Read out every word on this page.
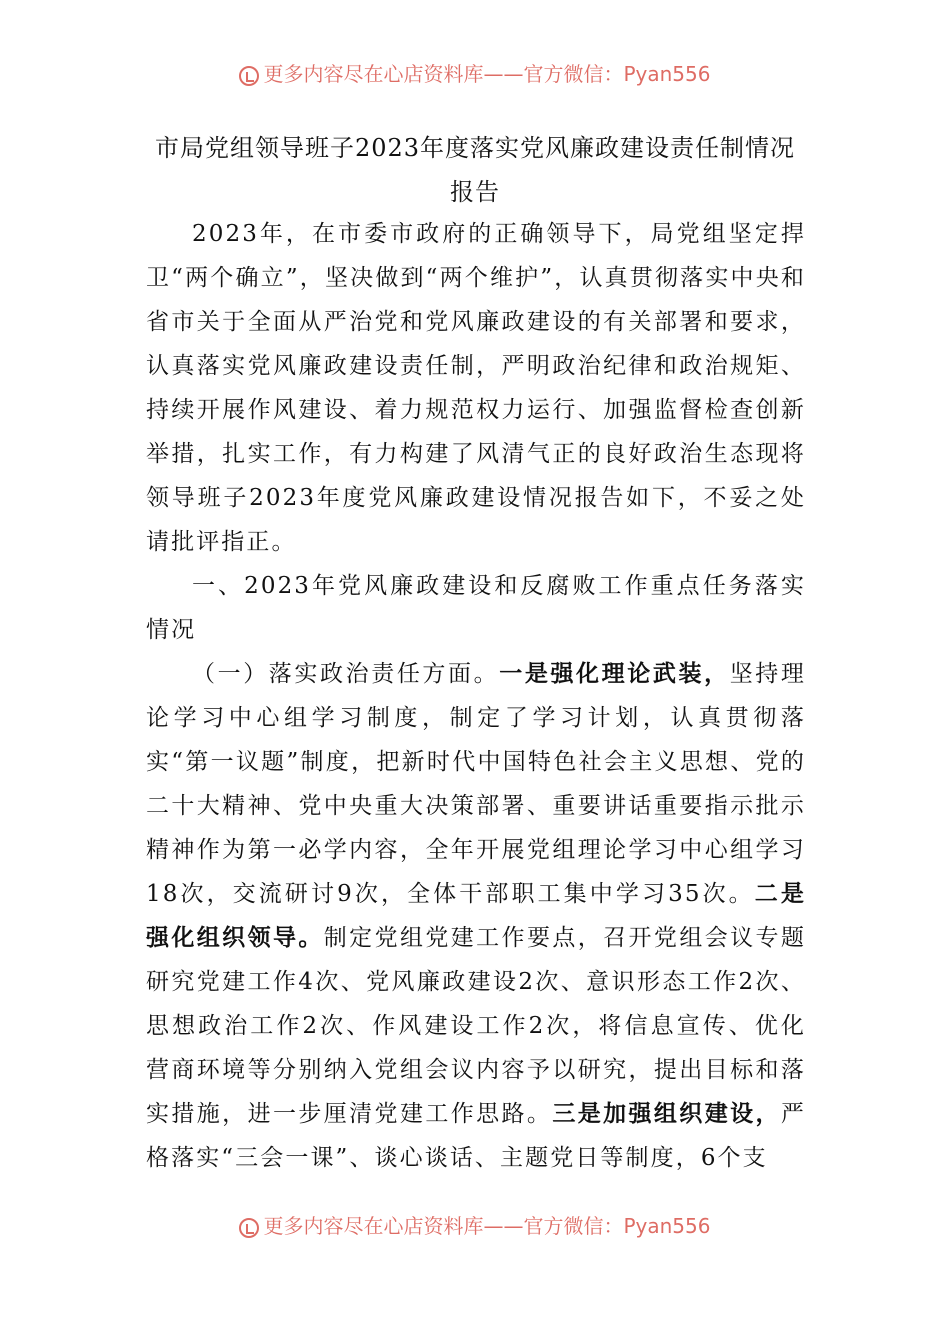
更多内容尽在心店资料库——官方微信：Pyan556
市局党组领导班子2023年度落实党风廉政建设责任制情况
报告

2023年，在市委市政府的正确领导下，局党组坚定捍卫“两个确立”，坚决做到“两个维护”，认真贯彻落实中央和省市关于全面从严治党和党风廉政建设的有关部署和要求，认真落实党风廉政建设责任制，严明政治纪律和政治规矩、持续开展作风建设、着力规范权力运行、加强监督检查创新举措，扎实工作，有力构建了风清气正的良好政治生态现将领导班子2023年度党风廉政建设情况报告如下，不妥之处请批评指正。

一、2023年党风廉政建设和反腐败工作重点任务落实情况

（一）落实政治责任方面。一是强化理论武装，坚持理论学习中心组学习制度，制定了学习计划，认真贯彻落实“第一议题”制度，把新时代中国特色社会主义思想、党的二十大精神、党中央重大决策部署、重要讲话重要指示批示精神作为第一必学内容，全年开展党组理论学习中心组学习18次，交流研讨9次，全体干部职工集中学习35次。二是强化组织领导。制定党组党建工作要点，召开党组会议专题研究党建工作4次、党风廉政建设2次、意识形态工作2次、思想政治工作2次、作风建设工作2次，将信息宣传、优化营商环境等分别纳入党组会议内容予以研究，提出目标和落实措施，进一步厘清党建工作思路。三是加强组织建设，严格落实“三会一课”、谈心谈话、主题党日等制度，6个支

更多内容尽在心店资料库——官方微信：Pyan556
